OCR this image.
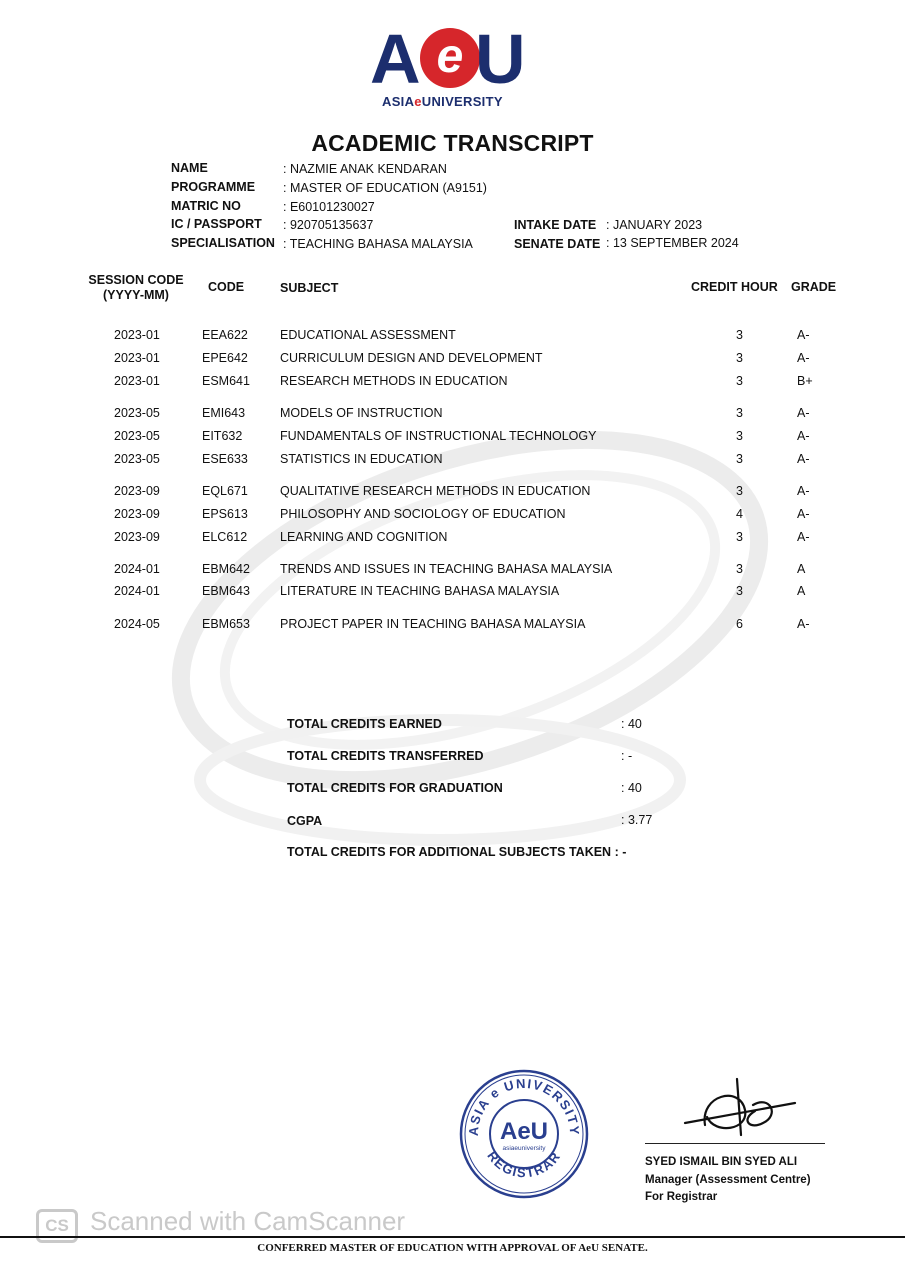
A e U
ASIAeUNIVERSITY
ACADEMIC TRANSCRIPT
NAME	: NAZMIE ANAK KENDARAN
PROGRAMME : MASTER OF EDUCATION (A9151)
MATRIC NO	: E60101230027
IC / PASSPORT : 920705135637
SPECIALISATION : TEACHING BAHASA MALAYSIA
INTAKE DATE : JANUARY 2023
SENATE DATE : 13 SEPTEMBER 2024
SESSION CODE
(YYYY-MM)
CODE	SUBJECT	CREDIT HOUR GRADE
2023-01	EEA622	EDUCATIONAL ASSESSMENT	3	A-
2023-01	EPE642	CURRICULUM DESIGN AND DEVELOPMENT	3	A-
2023-01	ESM641 RESEARCH METHODS IN EDUCATION	3	B+
2023-05	EMI643	MODELS OF INSTRUCTION	3	A-
2023-05	EIT632	FUNDAMENTALS OF INSTRUCTIONAL TECHNOLOGY	3	A-
2023-05	ESE633	STATISTICS IN EDUCATION	3	A-
2023-09	EQL671	QUALITATIVE RESEARCH METHODS IN EDUCATION	3	A-
2023-09	EPS613	PHILOSOPHY AND SOCIOLOGY OF EDUCATION	4	A-
2023-09	ELC612	LEARNING AND COGNITION	3	A-
2024-01	EBM642 TRENDS AND ISSUES IN TEACHING BAHASA MALAYSIA	3	A
2024-01	EBM643 LITERATURE IN TEACHING BAHASA MALAYSIA	3	A
2024-05	EBM653 PROJECT PAPER IN TEACHING BAHASA MALAYSIA	6	A-
TOTAL CREDITS EARNED	: 40
TOTAL CREDITS TRANSFERRED	: -
TOTAL CREDITS FOR GRADUATION	: 40
CGPA	: 3.77
TOTAL CREDITS FOR ADDITIONAL SUBJECTS TAKEN : -
ASIA e UNIVERSITY
REGISTRAR
AeU
asiaeuniversity
SYED ISMAIL BIN SYED ALI
Manager (Assessment Centre)
For Registrar
CS Scanned with CamScanner
CONFERRED MASTER OF EDUCATION WITH APPROVAL OF AeU SENATE.
